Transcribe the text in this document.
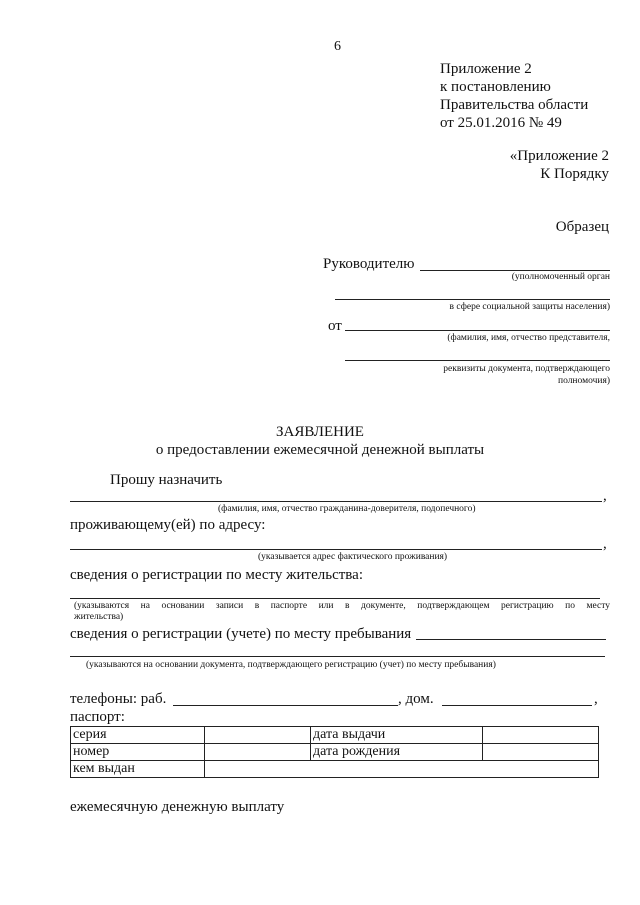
6
Приложение 2
к постановлению
Правительства области
от 25.01.2016 № 49
«Приложение 2
К Порядку
Образец
Руководителю
(уполномоченный орган
в сфере социальной защиты населения)
от
(фамилия, имя, отчество представителя,
реквизиты документа, подтверждающего
полномочия)
ЗАЯВЛЕНИЕ
о предоставлении ежемесячной денежной выплаты
Прошу назначить
,
(фамилия, имя, отчество гражданина-доверителя, подопечного)
проживающему(ей) по адресу:
,
(указывается адрес фактического проживания)
сведения о регистрации по месту жительства:
(указываются на основании записи в паспорте или в документе, подтверждающем регистрацию по месту
жительства)
сведения о регистрации (учете) по месту пребывания
(указываются на основании документа, подтверждающего регистрацию (учет) по месту пребывания)
телефоны: раб.	, дом.	,
паспорт:
серия		дата выдачи	
номер		дата рождения	
кем выдан			
ежемесячную денежную выплату
